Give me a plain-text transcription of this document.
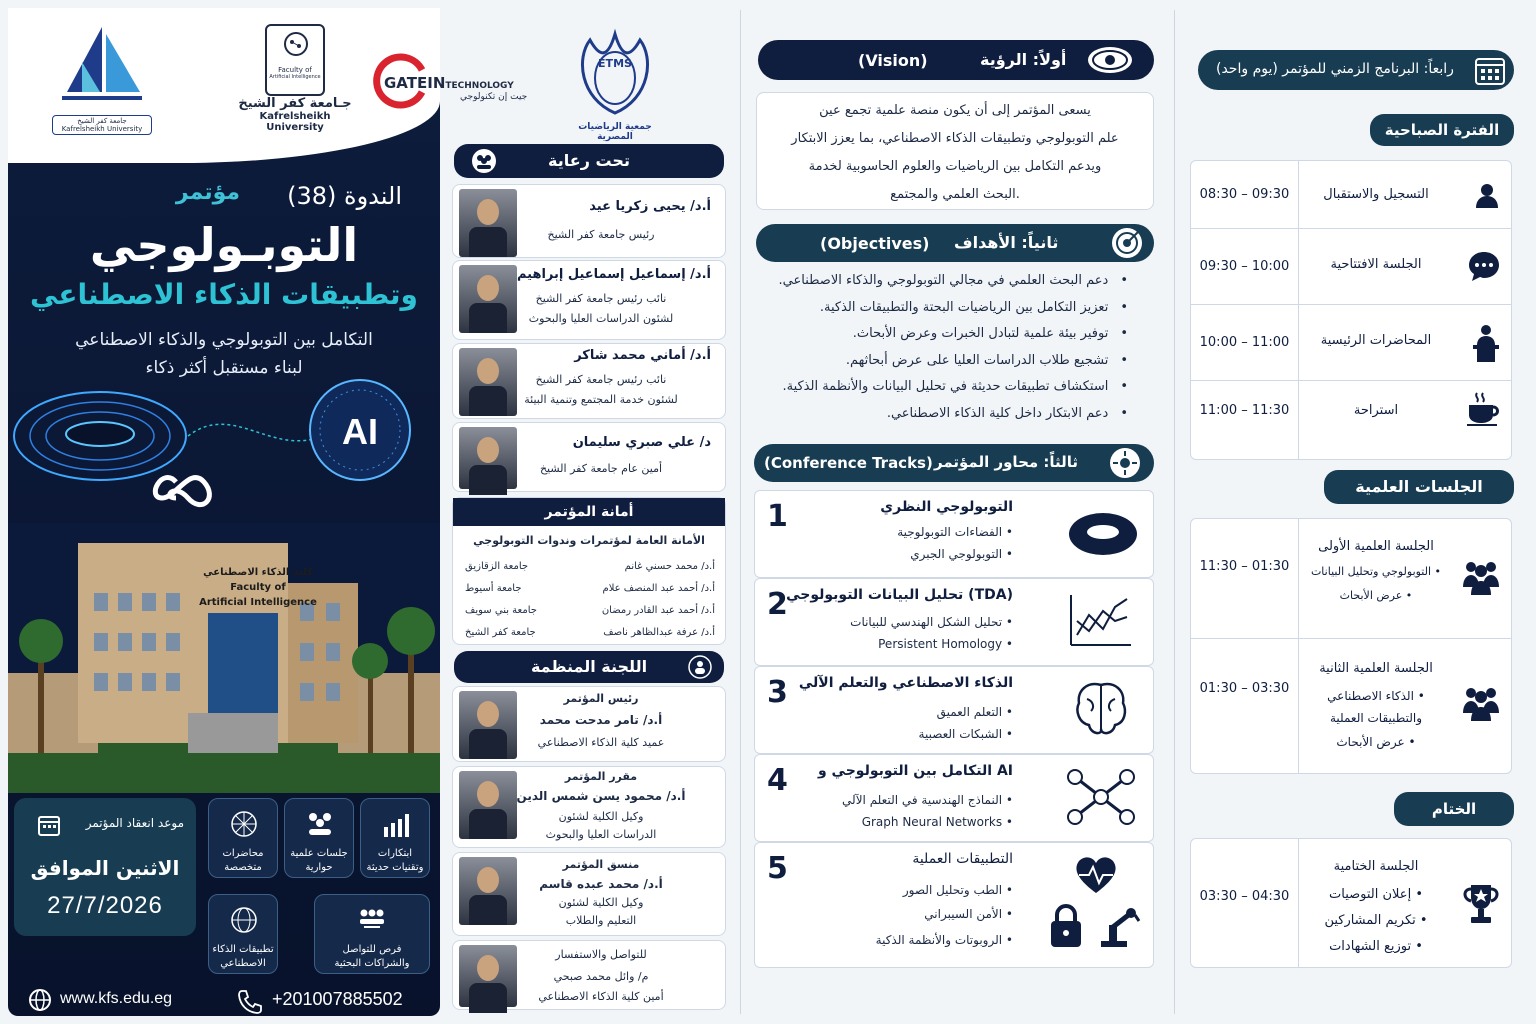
جامعة كفر الشيخ
Kafrelsheikh University
Faculty of
Artificial Intelligence
جـامعة كفر الشيخ
Kafrelsheikh University
GATEINTECHNOLOGY
جيت إن تكنولوجي
مؤتمر الندوة (38)
التوبـولوجي
وتطبيقات الذكاء الاصطناعي
التكامل بين التوبولوجي والذكاء الاصطناعي
لبناء مستقبل أكثر ذكاء
AI
كلية الذكاء الاصطناعي
Faculty of
Artificial Intelligence
موعد انعقاد المؤتمر
الاثنين الموافق
27/7/2026
ابتكارات
وتقنيات حديثة
جلسات علمية
حوارية
محاضرات
متخصصة
فرص للتواصل
والشراكات البحثية
تطبيقات الذكاء
الاصطناعي
www.kfs.edu.eg	+201007885502
ETMS
جمعية الرياضيات المصرية
تحت رعاية
أ.د/ يحيى زكريا عيد
رئيس جامعة كفر الشيخ
أ.د/ إسماعيل إسماعيل إبراهيم
نائب رئيس جامعة كفر الشيخ
لشئون الدراسات العليا والبحوث
أ.د/ أماني محمد شاكر
نائب رئيس جامعة كفر الشيخ
لشئون خدمة المجتمع وتنمية البيئة
د/ علي صبري سليمان
أمين عام جامعة كفر الشيخ
أمانة المؤتمر
الأمانة العامة لمؤتمرات وندوات التوبولوجي
جامعة الزقازيق	أ.د/ محمد حسني غانم
جامعة أسيوط	أ.د/ أحمد عبد المنصف علام
جامعة بني سويف	أ.د/ أحمد عبد القادر رمضان
جامعة كفر الشيخ	أ.د/ عرفة عبدالظاهر ناصف
اللجنة المنظمة
رئيس المؤتمر
أ.د/ تامر مدحت محمد
عميد كلية الذكاء الاصطناعي
مقرر المؤتمر
أ.د/ محمود يسن شمس الدين
وكيل الكلية لشئون
الدراسات العليا والبحوث
منسق المؤتمر
أ.د/ محمد عبده قاسم
وكيل الكلية لشئون
التعليم والطلاب
للتواصل والاستفسار
م/ وائل محمد صبحي
أمين كلية الذكاء الاصطناعي
(Vision)	أولاً: الرؤية
يسعى المؤتمر إلى أن يكون منصة علمية تجمع عين
علم التوبولوجي وتطبيقات الذكاء الاصطناعي، بما يعزز الابتكار
ويدعم التكامل بين الرياضيات والعلوم الحاسوبية لخدمة
البحث العلمي والمجتمع.
(Objectives) ثانياً: الأهداف
• دعم البحث العلمي في مجالي التوبولوجي والذكاء الاصطناعي.
• تعزيز التكامل بين الرياضيات البحتة والتطبيقات الذكية.
• توفير بيئة علمية لتبادل الخبرات وعرض الأبحاث.
• تشجيع طلاب الدراسات العليا على عرض أبحاثهم.
• استكشاف تطبيقات حديثة في تحليل البيانات والأنظمة الذكية.
• دعم الابتكار داخل كلية الذكاء الاصطناعي.
(Conference Tracks) ثالثاً: محاور المؤتمر
1	التوبولوجي النظري
الفضاءات التوبولوجية •
التوبولوجي الجبري •
2
تحليل البيانات التوبولوجي (TDA)
تحليل الشكل الهندسي للبيانات •
Persistent Homology •
3 الذكاء الاصطناعي والتعلم الآلي
التعلم العميق •
الشبكات العصبية •
4	التكامل بين التوبولوجي و AI
النماذج الهندسية في التعلم الآلي •
Graph Neural Networks •
5	التطبيقات العملية
الطب وتحليل الصور •
الأمن السيبراني •
الروبوتات والأنظمة الذكية •
رابعاً: البرنامج الزمني للمؤتمر (يوم واحد)
الفترة الصباحية
08:30 – 09:30	التسجيل والاستقبال
09:30 – 10:00	الجلسة الافتتاحية
10:00 – 11:00	المحاضرات الرئيسية
11:00 – 11:30	استراحة
الجلسات العلمية
11:30 – 01:30
الجلسة العلمية الأولى
التوبولوجي وتحليل البيانات •
عرض الأبحاث •
01:30 – 03:30
الجلسة العلمية الثانية
الذكاء الاصطناعي •
والتطبيقات العملية
عرض الأبحاث •
الختام
03:30 – 04:30
الجلسة الختامية
إعلان التوصيات •
تكريم المشاركين •
توزيع الشهادات •
